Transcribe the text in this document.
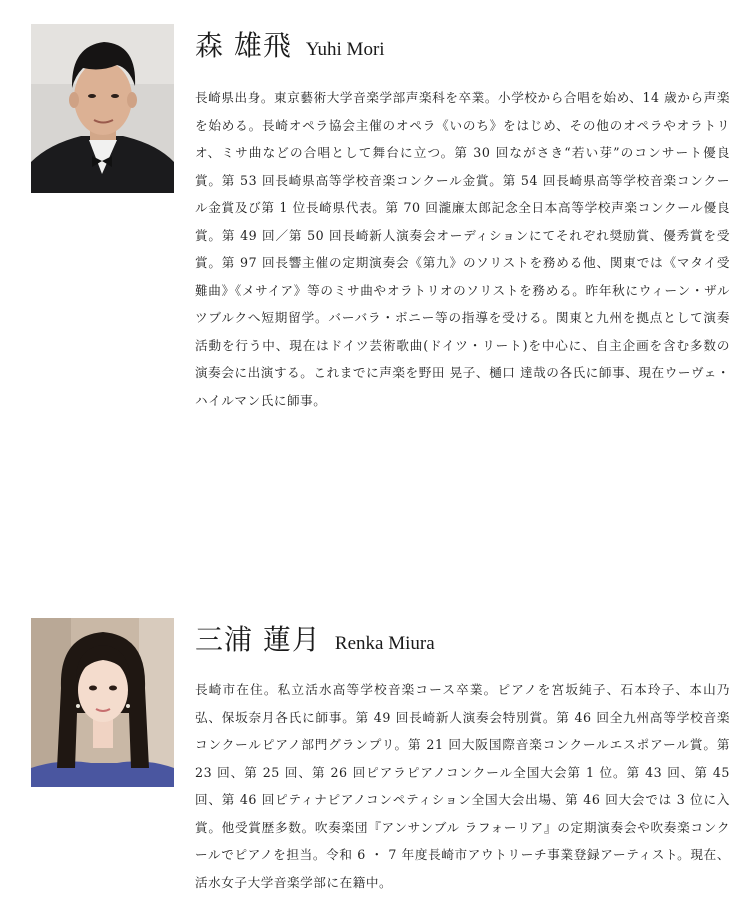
森 雄飛 Yuhi Mori

長崎県出身。東京藝術大学音楽学部声楽科を卒業。小学校から合唱を始め、14 歳から声楽を始める。長崎オペラ協会主催のオペラ《いのち》をはじめ、その他のオペラやオラトリオ、ミサ曲などの合唱として舞台に立つ。第 30 回ながさき“若い芽”のコンサート優良賞。第 53 回長崎県高等学校音楽コンクール金賞。第 54 回長崎県高等学校音楽コンクール金賞及び第 1 位長崎県代表。第 70 回瀧廉太郎記念全日本高等学校声楽コンクール優良賞。第 49 回／第 50 回長崎新人演奏会オーディションにてそれぞれ奨励賞、優秀賞を受賞。第 97 回長響主催の定期演奏会《第九》のソリストを務める他、関東では《マタイ受難曲》《メサイア》等のミサ曲やオラトリオのソリストを務める。昨年秋にウィーン・ザルツブルクへ短期留学。バーバラ・ボニー等の指導を受ける。関東と九州を拠点として演奏活動を行う中、現在はドイツ芸術歌曲(ドイツ・リート)を中心に、自主企画を含む多数の演奏会に出演する。これまでに声楽を野田 晃子、樋口 達哉の各氏に師事、現在ウーヴェ・ハイルマン氏に師事。

三浦 蓮月 Renka Miura

長崎市在住。私立活水高等学校音楽コース卒業。ピアノを宮坂純子、石本玲子、本山乃弘、保坂奈月各氏に師事。第 49 回長崎新人演奏会特別賞。第 46 回全九州高等学校音楽コンクールピアノ部門グランプリ。第 21 回大阪国際音楽コンクールエスポアール賞。第 23 回、第 25 回、第 26 回ピアラピアノコンクール全国大会第 1 位。第 43 回、第 45 回、第 46 回ピティナピアノコンペティション全国大会出場、第 46 回大会では 3 位に入賞。他受賞歴多数。吹奏楽団『アンサンブル ラフォーリア』の定期演奏会や吹奏楽コンクールでピアノを担当。令和 6 ・ 7 年度長崎市アウトリーチ事業登録アーティスト。現在、活水女子大学音楽学部に在籍中。
